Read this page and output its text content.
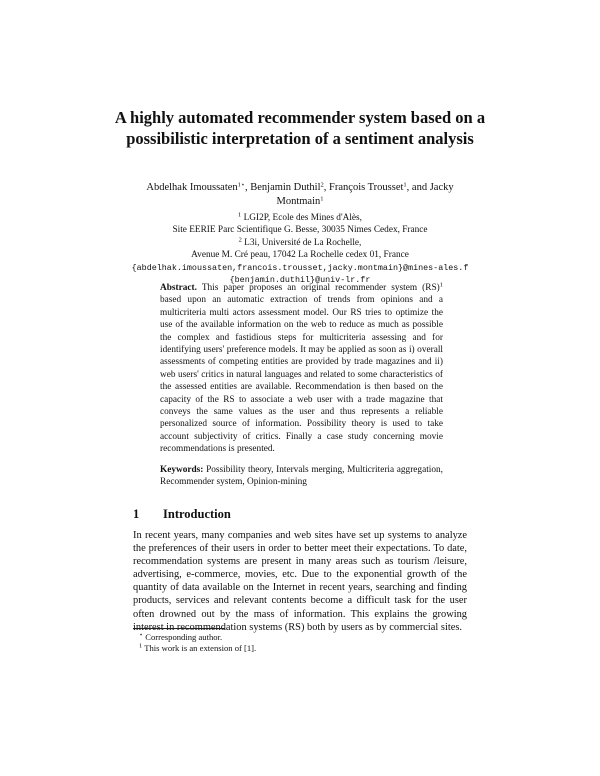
A highly automated recommender system based on a possibilistic interpretation of a sentiment analysis
Abdelhak Imoussaten$^{1⋆}$, Benjamin Duthil$^2$, François Trousset$^1$, and Jacky
Montmain$^1$
$^1$ LGI2P, Ecole des Mines d'Alès,
Site EERIE Parc Scientifique G. Besse, 30035 Nimes Cedex, France
$^2$ L3i, Université de La Rochelle,
Avenue M. Cré peau, 17042 La Rochelle cedex 01, France
{abdelhak.imoussaten,francois.trousset,jacky.montmain}@mines-ales.f
{benjamin.duthil}@univ-lr.fr
Abstract. This paper proposes an original recommender system (RS)$^1$ based upon an automatic extraction of trends from opinions and a multicriteria multi actors assessment model. Our RS tries to optimize the use of the available information on the web to reduce as much as possible the complex and fastidious steps for multicriteria assessing and for identifying users' preference models. It may be applied as soon as i) overall assessments of competing entities are provided by trade magazines and ii) web users' critics in natural languages and related to some characteristics of the assessed entities are available. Recommendation is then based on the capacity of the RS to associate a web user with a trade magazine that conveys the same values as the user and thus represents a reliable personalized source of information. Possibility theory is used to take account subjectivity of critics. Finally a case study concerning movie recommendations is presented.
Keywords: Possibility theory, Intervals merging, Multicriteria aggregation, Recommender system, Opinion-mining
1 Introduction
In recent years, many companies and web sites have set up systems to analyze the preferences of their users in order to better meet their expectations. To date, recommendation systems are present in many areas such as tourism /leisure, advertising, e-commerce, movies, etc. Due to the exponential growth of the quantity of data available on the Internet in recent years, searching and finding products, services and relevant contents become a difficult task for the user often drowned out by the mass of information. This explains the growing interest in recommendation systems (RS) both by users as by commercial sites.
⋆ Corresponding author.
$^1$ This work is an extension of [1].
